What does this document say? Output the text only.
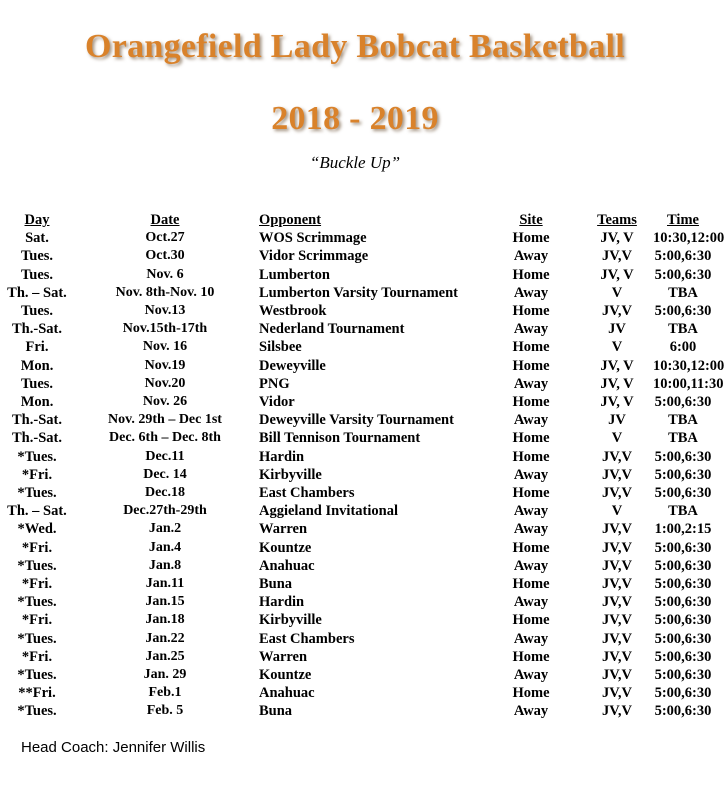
Orangefield Lady Bobcat Basketball
2018 - 2019
“Buckle Up”
Day	Date	Opponent	Site	Teams	Time
Sat.	Oct.27	WOS Scrimmage	Home	JV, V	10:30,12:00
Tues.	Oct.30	Vidor Scrimmage	Away	JV,V	5:00,6:30
Tues.	Nov. 6	Lumberton	Home	JV, V	5:00,6:30
Th. – Sat.	Nov. 8th-Nov. 10	Lumberton Varsity Tournament	Away	V	TBA
Tues.	Nov.13	Westbrook	Home	JV,V	5:00,6:30
Th.-Sat.	Nov.15th-17th	Nederland Tournament	Away	JV	TBA
Fri.	Nov. 16	Silsbee	Home	V	6:00
Mon.	Nov.19	Deweyville	Home	JV, V	10:30,12:00
Tues.	Nov.20	PNG	Away	JV, V	10:00,11:30
Mon.	Nov. 26	Vidor	Home	JV, V	5:00,6:30
Th.-Sat.	Nov. 29th – Dec 1st	Deweyville Varsity Tournament	Away	JV	TBA
Th.-Sat.	Dec. 6th – Dec. 8th	Bill Tennison Tournament	Home	V	TBA
*Tues.	Dec.11	Hardin	Home	JV,V	5:00,6:30
*Fri.	Dec. 14	Kirbyville	Away	JV,V	5:00,6:30
*Tues.	Dec.18	East Chambers	Home	JV,V	5:00,6:30
Th. – Sat.	Dec.27th-29th	Aggieland Invitational	Away	V	TBA
*Wed.	Jan.2	Warren	Away	JV,V	1:00,2:15
*Fri.	Jan.4	Kountze	Home	JV,V	5:00,6:30
*Tues.	Jan.8	Anahuac	Away	JV,V	5:00,6:30
*Fri.	Jan.11	Buna	Home	JV,V	5:00,6:30
*Tues.	Jan.15	Hardin	Away	JV,V	5:00,6:30
*Fri.	Jan.18	Kirbyville	Home	JV,V	5:00,6:30
*Tues.	Jan.22	East Chambers	Away	JV,V	5:00,6:30
*Fri.	Jan.25	Warren	Home	JV,V	5:00,6:30
*Tues.	Jan. 29	Kountze	Away	JV,V	5:00,6:30
**Fri.	Feb.1	Anahuac	Home	JV,V	5:00,6:30
*Tues.	Feb. 5	Buna	Away	JV,V	5:00,6:30
Head Coach: Jennifer Willis
